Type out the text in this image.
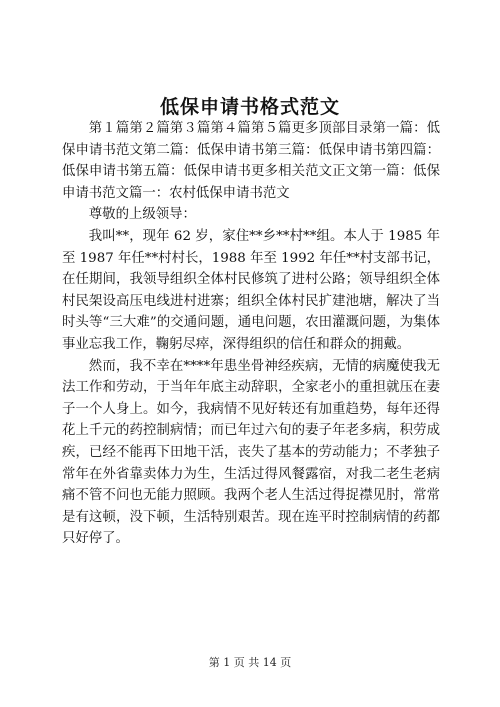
低保申请书格式范文

第１篇第２篇第３篇第４篇第５篇更多顶部目录第一篇：低保申请书范文第二篇：低保申请书第三篇：低保申请书第四篇：低保申请书第五篇：低保申请书更多相关范文正文第一篇：低保申请书范文篇一：农村低保申请书范文

尊敬的上级领导：

我叫**，现年 62 岁，家住**乡**村**组。本人于 1985 年至 1987 年任**村村长，1988 年至 1992 年任**村支部书记，在任期间，我领导组织全体村民修筑了进村公路；领导组织全体村民架设高压电线进村进寨；组织全体村民扩建池塘，解决了当时头等“三大难”的交通问题，通电问题，农田灌溉问题，为集体事业忘我工作，鞠躬尽瘁，深得组织的信任和群众的拥戴。

然而，我不幸在****年患坐骨神经疾病，无情的病魔使我无法工作和劳动，于当年年底主动辞职，全家老小的重担就压在妻子一个人身上。如今，我病情不见好转还有加重趋势，每年还得花上千元的药控制病情；而已年过六旬的妻子年老多病，积劳成疾，已经不能再下田地干活，丧失了基本的劳动能力；不孝独子常年在外省靠卖体力为生，生活过得风餐露宿，对我二老生老病痛不管不问也无能力照顾。我两个老人生活过得捉襟见肘，常常是有这顿，没下顿，生活特别艰苦。现在连平时控制病情的药都只好停了。

第 1 页 共 14 页
